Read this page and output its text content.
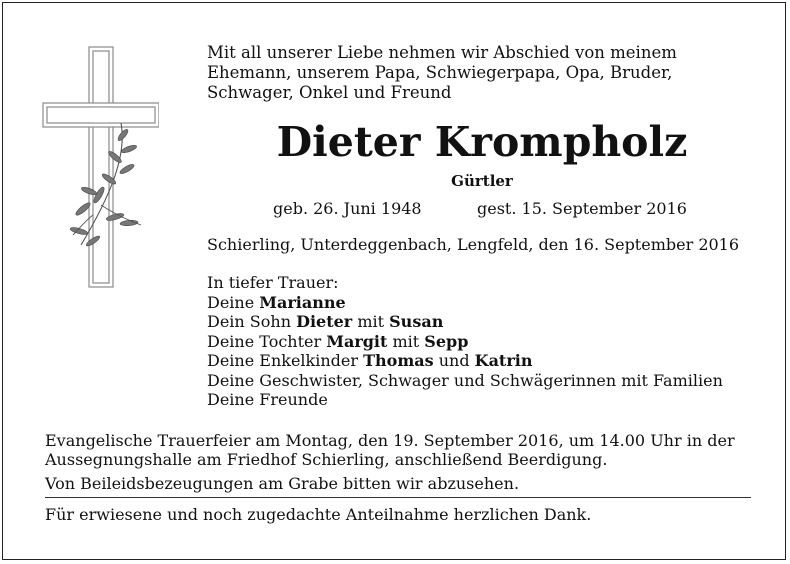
Mit all unserer Liebe nehmen wir Abschied von meinem Ehemann, unserem Papa, Schwiegerpapa, Opa, Bruder, Schwager, Onkel und Freund

Dieter Krompholz
Gürtler
geb. 26. Juni 1948	gest. 15. September 2016
Schierling, Unterdeggenbach, Lengfeld, den 16. September 2016
In tiefer Trauer:
Deine Marianne
Dein Sohn Dieter mit Susan
Deine Tochter Margit mit Sepp
Deine Enkelkinder Thomas und Katrin
Deine Geschwister, Schwager und Schwägerinnen mit Familien
Deine Freunde

Evangelische Trauerfeier am Montag, den 19. September 2016, um 14.00 Uhr in der Aussegnungshalle am Friedhof Schierling, anschließend Beerdigung.

Von Beileidsbezeugungen am Grabe bitten wir abzusehen.
Für erwiesene und noch zugedachte Anteilnahme herzlichen Dank.
